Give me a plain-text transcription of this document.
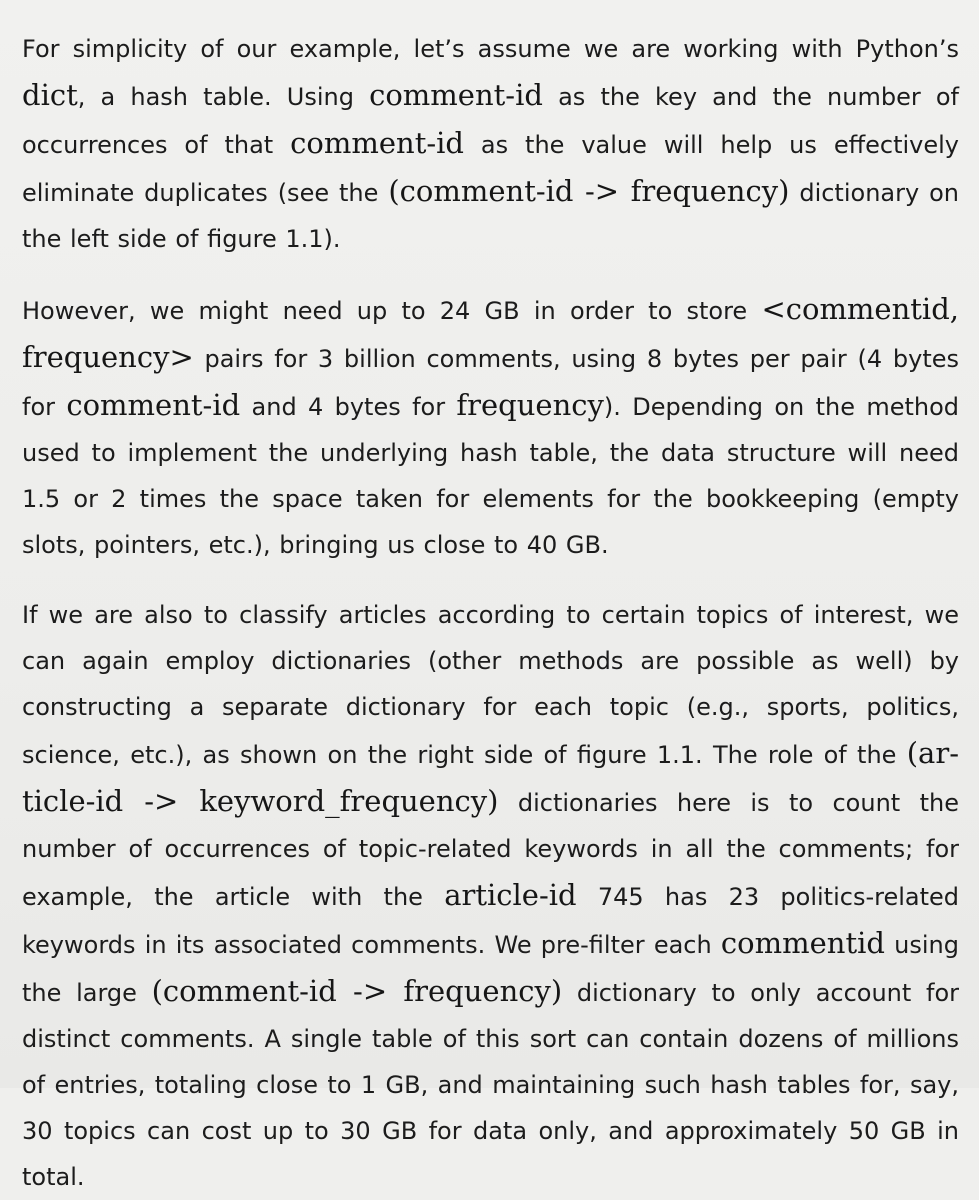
For simplicity of our example, let’s assume we are working with Python’s dict, a hash table. Using comment-id as the key and the number of occurrences of that comment-id as the value will help us effectively eliminate duplicates (see the (comment-id -> frequency) dictionary on the left side of figure 1.1).

However, we might need up to 24 GB in order to store <commentid, frequency> pairs for 3 billion comments, using 8 bytes per pair (4 bytes for comment-id and 4 bytes for frequency). Depending on the method used to implement the underlying hash table, the data structure will need 1.5 or 2 times the space taken for elements for the bookkeeping (empty slots, pointers, etc.), bringing us close to 40 GB.

If we are also to classify articles according to certain topics of interest, we can again employ dictionaries (other methods are possible as well) by constructing a separate dictionary for each topic (e.g., sports, politics, science, etc.), as shown on the right side of figure 1.1. The role of the (article-id -> keyword_frequency) dictionaries here is to count the number of occurrences of topic-related keywords in all the comments; for example, the article with the article-id 745 has 23 politics-related keywords in its associated comments. We pre-filter each commentid using the large (comment-id -> frequency) dictionary to only account for distinct comments. A single table of this sort can contain dozens of millions of entries, totaling close to 1 GB, and maintaining such hash tables for, say, 30 topics can cost up to 30 GB for data only, and approximately 50 GB in total.
